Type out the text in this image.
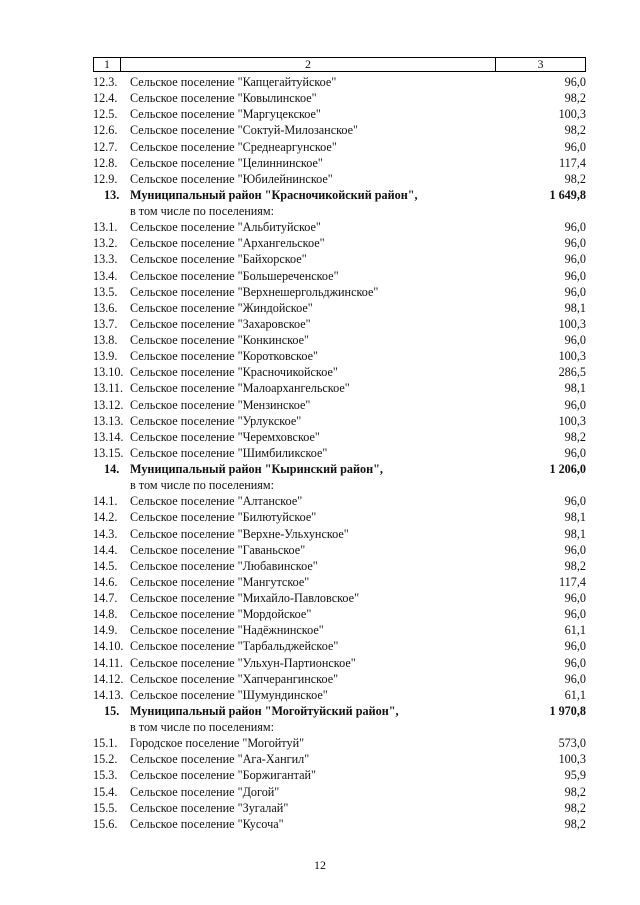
1	2	3
12.3. Сельское поселение "Капцегайтуйское"	96,0
12.4. Сельское поселение "Ковылинское"	98,2
12.5. Сельское поселение "Маргуцекское"	100,3
12.6. Сельское поселение "Соктуй-Милозанское"	98,2
12.7. Сельское поселение "Среднеаргунское"	96,0
12.8. Сельское поселение "Целиннинское"	117,4
12.9. Сельское поселение "Юбилейнинское"	98,2
13. Муниципальный район "Красночикойский район",	1 649,8
в том числе по поселениям:
13.1. Сельское поселение "Альбитуйское"	96,0
13.2. Сельское поселение "Архангельское"	96,0
13.3. Сельское поселение "Байхорское"	96,0
13.4. Сельское поселение "Большереченское"	96,0
13.5. Сельское поселение "Верхнешергольджинское"	96,0
13.6. Сельское поселение "Жиндойское"	98,1
13.7. Сельское поселение "Захаровское"	100,3
13.8. Сельское поселение "Конкинское"	96,0
13.9. Сельское поселение "Коротковское"	100,3
13.10. Сельское поселение "Красночикойское"	286,5
13.11. Сельское поселение "Малоархангельское"	98,1
13.12. Сельское поселение "Мензинское"	96,0
13.13. Сельское поселение "Урлукское"	100,3
13.14. Сельское поселение "Черемховское"	98,2
13.15. Сельское поселение "Шимбиликское"	96,0
14. Муниципальный район "Кыринский район",	1 206,0
в том числе по поселениям:
14.1. Сельское поселение "Алтанское"	96,0
14.2. Сельское поселение "Билютуйское"	98,1
14.3. Сельское поселение "Верхне-Ульхунское"	98,1
14.4. Сельское поселение "Гаваньское"	96,0
14.5. Сельское поселение "Любавинское"	98,2
14.6. Сельское поселение "Мангутское"	117,4
14.7. Сельское поселение "Михайло-Павловское"	96,0
14.8. Сельское поселение "Мордойское"	96,0
14.9. Сельское поселение "Надёжнинское"	61,1
14.10. Сельское поселение "Тарбальджейское"	96,0
14.11. Сельское поселение "Ульхун-Партионское"	96,0
14.12. Сельское поселение "Хапчерангинское"	96,0
14.13. Сельское поселение "Шумундинское"	61,1
15. Муниципальный район "Могойтуйский район",	1 970,8
в том числе по поселениям:
15.1. Городское поселение "Могойтуй"	573,0
15.2. Сельское поселение "Ага-Хангил"	100,3
15.3. Сельское поселение "Боржигантай"	95,9
15.4. Сельское поселение "Догой"	98,2
15.5. Сельское поселение "Зугалай"	98,2
15.6. Сельское поселение "Кусоча"	98,2
12
